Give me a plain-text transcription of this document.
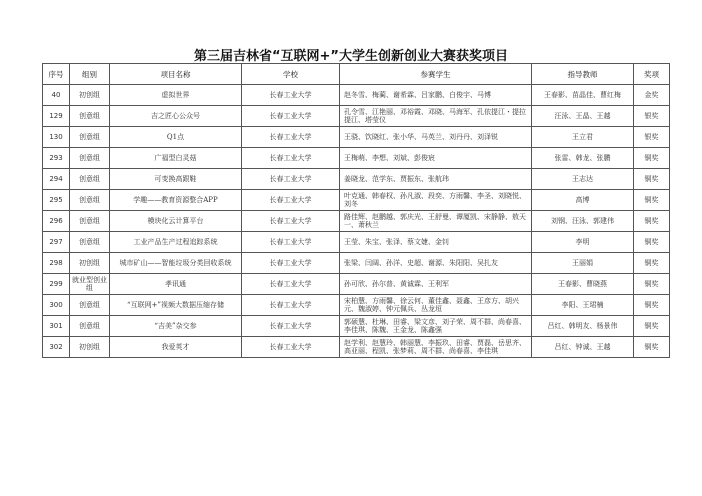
第三届吉林省“互联网+”大学生创新创业大赛获奖项目
序号	组别	项目名称	学校	参赛学生	指导教师	奖项

40	初创组	虚拟世界	长春工业大学	赵冬雪、梅蔺、谢希霖、吕家鹏、白俊宇、马博	王春影、苗晶佳、曹红梅	金奖

129	创意组	吉之匠心公众号	长春工业大学	孔令雪、江艳丽、邓裕霞、邓晓、马海军、孔依提江・提拉提江、塔莹仪	汪泳、王晶、王越	银奖

130	创意组	Q1点	长春工业大学	王骁、饮晓红、张小华、马英兰、刘丹丹、刘泽锐	王立君	银奖

293	创意组	广福型白灵菇	长春工业大学	王梅萌、李想、刘斌、彭俊宸	张雷、韩龙、张鹏	铜奖

294	创意组	可变换高跟鞋	长春工业大学	姜晓龙、范学东、贾振东、张航玮	王志达	铜奖

295	创意组	学趣——教育资源整合APP	长春工业大学	叶克通、韩春权、孙凡淑、段奕、方雨馨、李圣、刘晓悦、刘冬	高博	铜奖

296	创意组	模块化云计算平台	长春工业大学	路佳辉、赵鹏越、郭庆光、王舒曼、谭厦凯、宋静静、敖天一、萧秋兰	刘钢、汪泳、郭建伟	铜奖

297	创意组	工业产品生产过程追踪系统	长春工业大学	王莹、朱宝、张泽、蔡文婕、金钊	李明	铜奖

298	初创组	城市矿山——智能垃圾分类回收系统	长春工业大学	张梁、闫阔、孙洋、史超、谢源、朱阳阳、吴扎友	王丽娟	铜奖

299	就业型创业组	孝讯通	长春工业大学	孙可欣、孙尔普、黄诚霖、王利军	王春影、曹晓燕	铜奖

300	创意组	“互联网+”视频大数据压缩存储	长春工业大学	宋柏慧、方雨馨、徐云何、董佳鑫、聂鑫、王彦方、胡兴元、魏淑婷、钟元佩兵、丛龙垣	李阳、王珺楠	铜奖

301	创意组	“吉美”杂交参	长春工业大学	郭硕慧、杜琳、田睿、梁文彦、刘子荣、周不群、尚春喜、李佳琪、陈魏、王金龙、陈鑫强	吕红、韩明友、杨景伟	铜奖

302	初创组	我爱英才	长春工业大学	赵学利、赵慧玲、韩丽慧、李振玖、田睿、贾磊、岳思齐、高亚丽、程凯、张梦莉、周不群、尚春喜、李佳琪	吕红、钟诚、王越	铜奖
